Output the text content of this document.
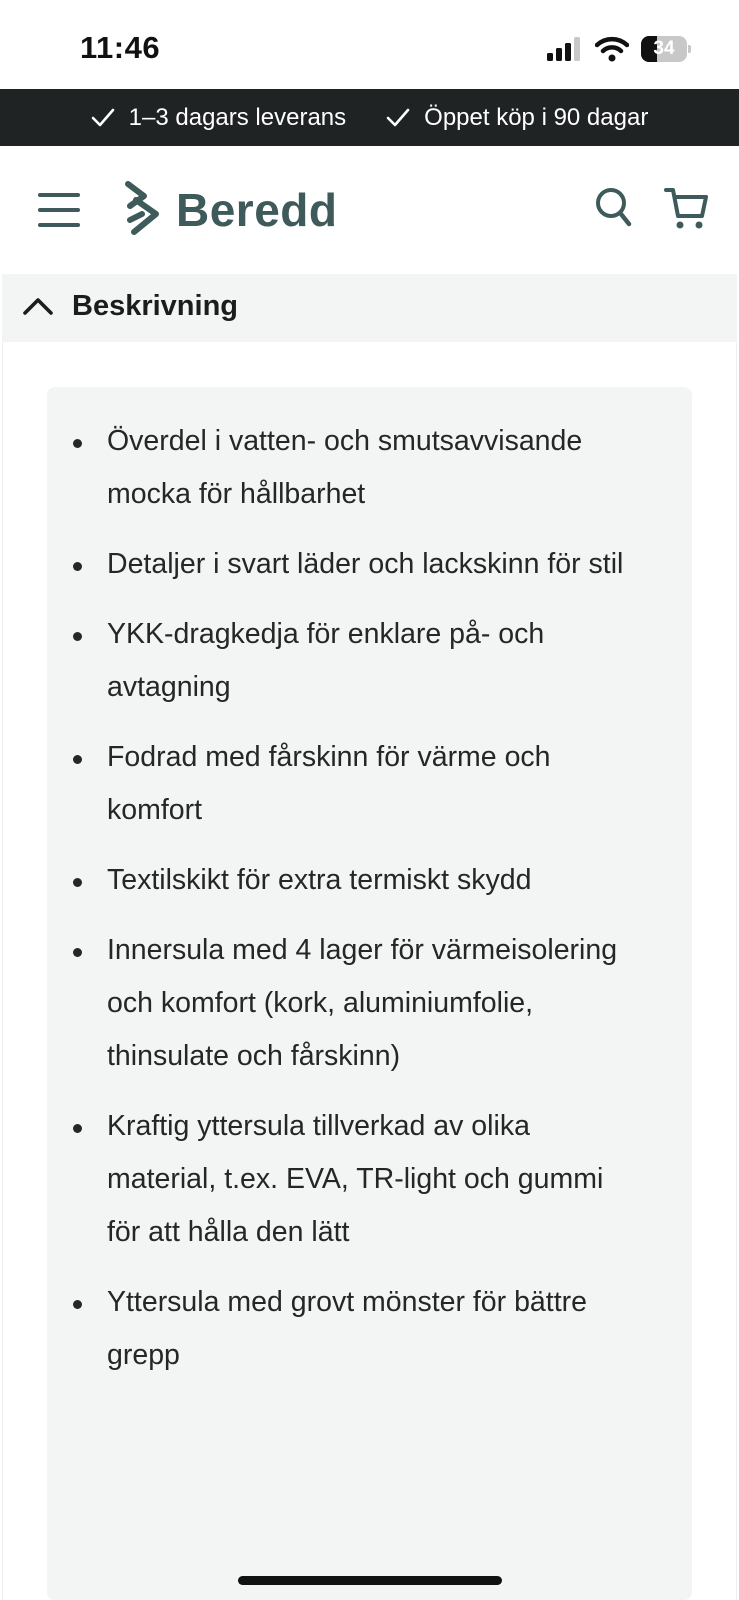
11:46	34
1–3 dagars leverans	Öppet köp i 90 dagar
Beredd
Beskrivning
Överdel i vatten- och smutsavvisande mocka för hållbarhet
Detaljer i svart läder och lackskinn för stil
YKK-dragkedja för enklare på- och avtagning
Fodrad med fårskinn för värme och komfort
Textilskikt för extra termiskt skydd
Innersula med 4 lager för värmeisolering och komfort (kork, aluminiumfolie, thinsulate och fårskinn)
Kraftig yttersula tillverkad av olika material, t.ex. EVA, TR-light och gummi för att hålla den lätt
Yttersula med grovt mönster för bättre grepp
